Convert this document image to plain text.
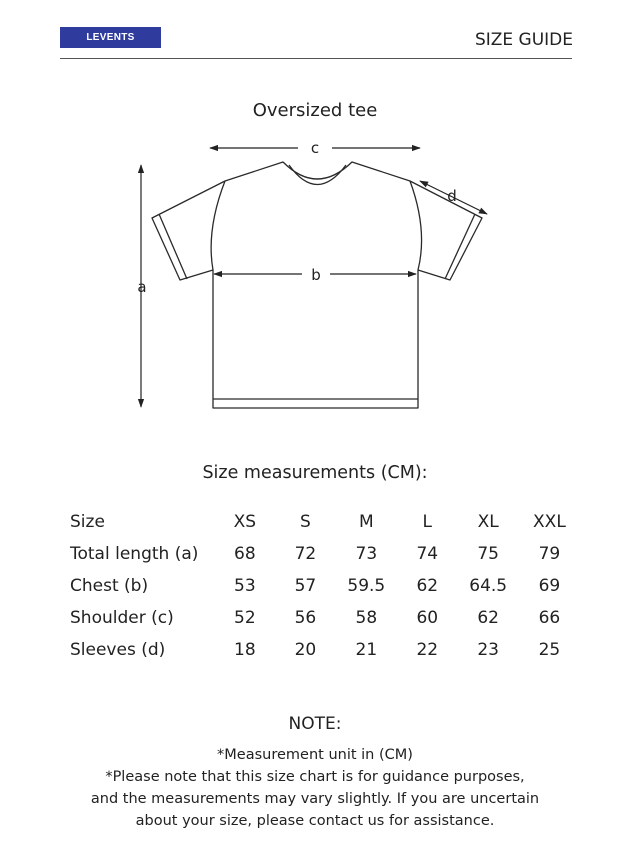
LEVENTS	SIZE GUIDE
Oversized tee
a
b
c
d
Size measurements (CM):
Size	XS	S	M	L	XL	XXL
Total length (a)	68	72	73	74	75	79
Chest (b)	53	57	59.5	62	64.5	69
Shoulder (c)	52	56	58	60	62	66
Sleeves (d)	18	20	21	22	23	25
NOTE:
*Measurement unit in (CM)
*Please note that this size chart is for guidance purposes,
and the measurements may vary slightly. If you are uncertain
about your size, please contact us for assistance.
